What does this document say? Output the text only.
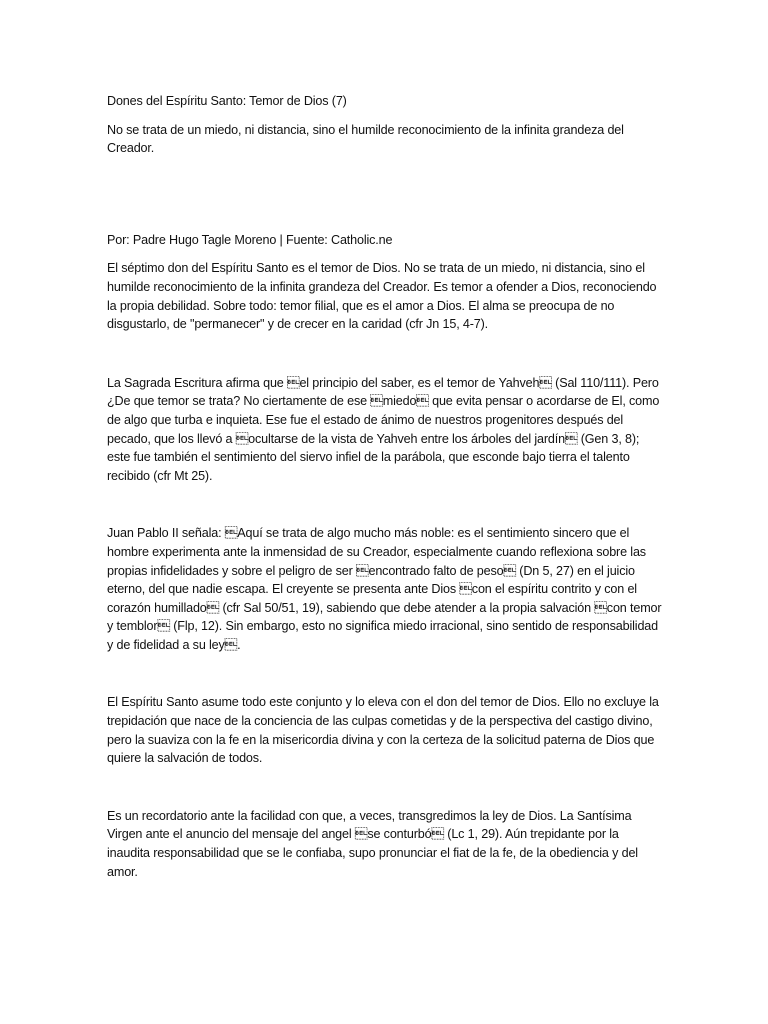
Dones del Espíritu Santo: Temor de Dios (7)

No se trata de un miedo, ni distancia, sino el humilde reconocimiento de la infinita grandeza del Creador.

Por: Padre Hugo Tagle Moreno | Fuente: Catholic.ne

El séptimo don del Espíritu Santo es el temor de Dios. No se trata de un miedo, ni distancia, sino el humilde reconocimiento de la infinita grandeza del Creador. Es temor a ofender a Dios, reconociendo la propia debilidad. Sobre todo: temor filial, que es el amor a Dios. El alma se preocupa de no disgustarlo, de "permanecer" y de crecer en la caridad (cfr Jn 15, 4-7).

La Sagrada Escritura afirma que el principio del saber, es el temor de Yahveh (Sal 110/111). Pero ¿De que temor se trata? No ciertamente de ese miedo que evita pensar o acordarse de El, como de algo que turba e inquieta. Ese fue el estado de ánimo de nuestros progenitores después del pecado, que los llevó a ocultarse de la vista de Yahveh entre los árboles del jardín (Gen 3, 8); este fue también el sentimiento del siervo infiel de la parábola, que esconde bajo tierra el talento recibido (cfr Mt 25).

Juan Pablo II señala: Aquí se trata de algo mucho más noble: es el sentimiento sincero que el hombre experimenta ante la inmensidad de su Creador, especialmente cuando reflexiona sobre las propias infidelidades y sobre el peligro de ser encontrado falto de peso (Dn 5, 27) en el juicio eterno, del que nadie escapa. El creyente se presenta ante Dios con el espíritu contrito y con el corazón humillado (cfr Sal 50/51, 19), sabiendo que debe atender a la propia salvación con temor y temblor (Flp, 12). Sin embargo, esto no significa miedo irracional, sino sentido de responsabilidad y de fidelidad a su ley.

El Espíritu Santo asume todo este conjunto y lo eleva con el don del temor de Dios. Ello no excluye la trepidación que nace de la conciencia de las culpas cometidas y de la perspectiva del castigo divino, pero la suaviza con la fe en la misericordia divina y con la certeza de la solicitud paterna de Dios que quiere la salvación de todos.

Es un recordatorio ante la facilidad con que, a veces, transgredimos la ley de Dios. La Santísima Virgen ante el anuncio del mensaje del angel se conturbó (Lc 1, 29). Aún trepidante por la inaudita responsabilidad que se le confiaba, supo pronunciar el fiat de la fe, de la obediencia y del amor.
